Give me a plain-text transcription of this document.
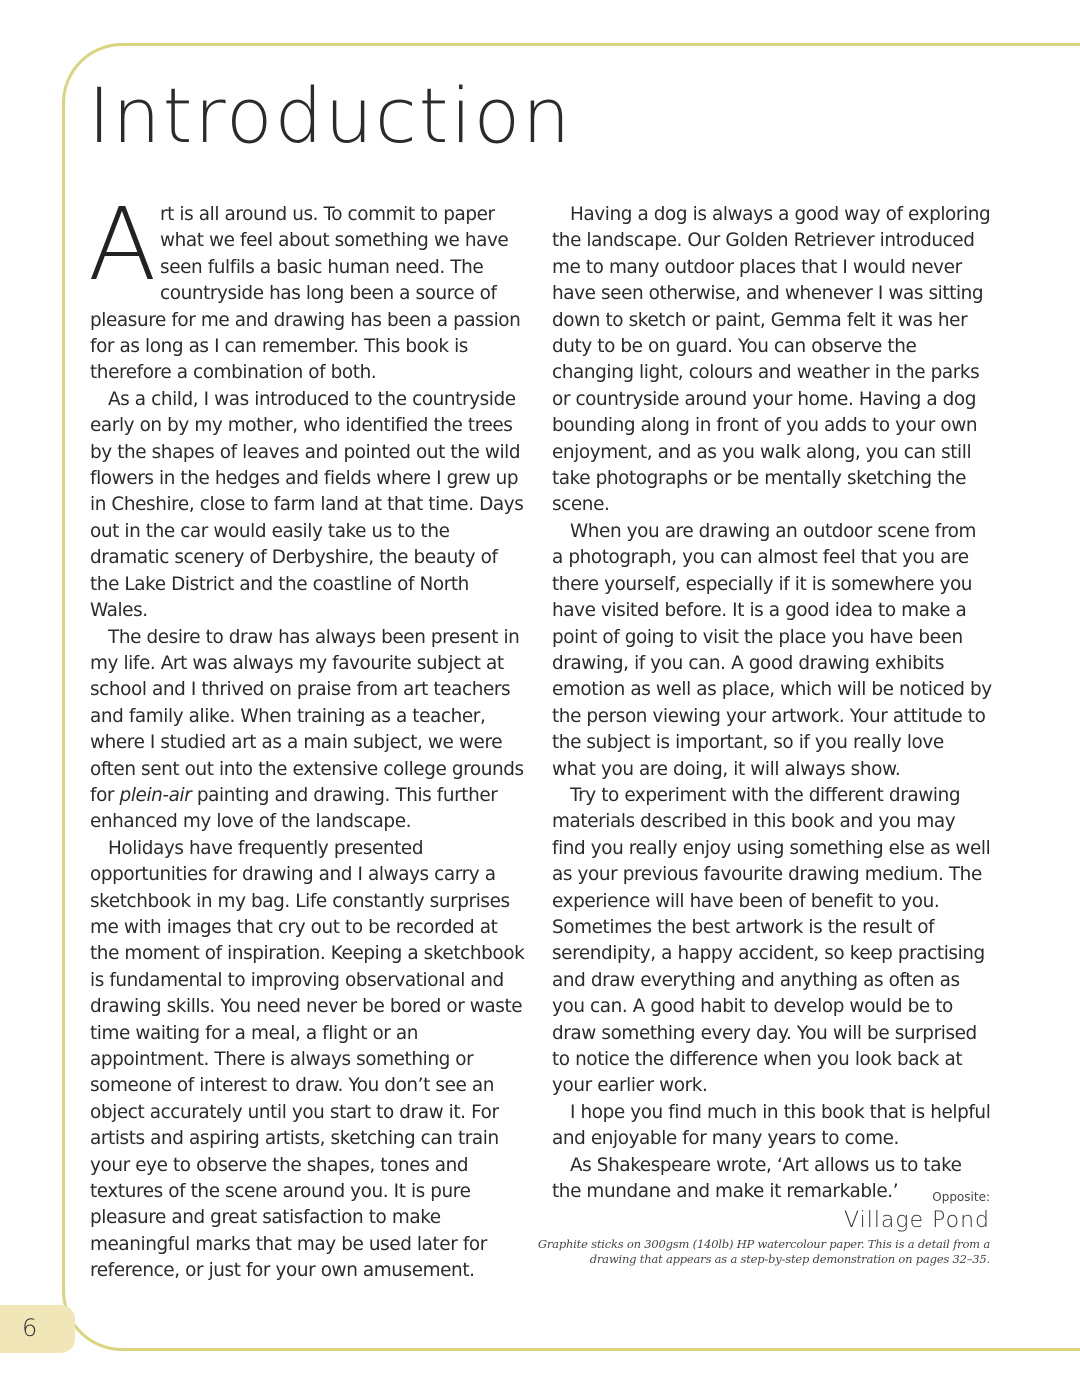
Introduction

Art is all around us. To commit to paper what we feel about something we have seen fulfils a basic human need. The countryside has long been a source of pleasure for me and drawing has been a passion for as long as I can remember. This book is therefore a combination of both.

As a child, I was introduced to the countryside early on by my mother, who identified the trees by the shapes of leaves and pointed out the wild flowers in the hedges and fields where I grew up in Cheshire, close to farm land at that time. Days out in the car would easily take us to the dramatic scenery of Derbyshire, the beauty of the Lake District and the coastline of North Wales.

The desire to draw has always been present in my life. Art was always my favourite subject at school and I thrived on praise from art teachers and family alike. When training as a teacher, where I studied art as a main subject, we were often sent out into the extensive college grounds for plein-air painting and drawing. This further enhanced my love of the landscape.

Holidays have frequently presented opportunities for drawing and I always carry a sketchbook in my bag. Life constantly surprises me with images that cry out to be recorded at the moment of inspiration. Keeping a sketchbook is fundamental to improving observational and drawing skills. You need never be bored or waste time waiting for a meal, a flight or an appointment. There is always something or someone of interest to draw. You don’t see an object accurately until you start to draw it. For artists and aspiring artists, sketching can train your eye to observe the shapes, tones and textures of the scene around you. It is pure pleasure and great satisfaction to make meaningful marks that may be used later for reference, or just for your own amusement.

Having a dog is always a good way of exploring the landscape. Our Golden Retriever introduced me to many outdoor places that I would never have seen otherwise, and whenever I was sitting down to sketch or paint, Gemma felt it was her duty to be on guard. You can observe the changing light, colours and weather in the parks or countryside around your home. Having a dog bounding along in front of you adds to your own enjoyment, and as you walk along, you can still take photographs or be mentally sketching the scene.

When you are drawing an outdoor scene from a photograph, you can almost feel that you are there yourself, especially if it is somewhere you have visited before. It is a good idea to make a point of going to visit the place you have been drawing, if you can. A good drawing exhibits emotion as well as place, which will be noticed by the person viewing your artwork. Your attitude to the subject is important, so if you really love what you are doing, it will always show.

Try to experiment with the different drawing materials described in this book and you may find you really enjoy using something else as well as your previous favourite drawing medium. The experience will have been of benefit to you. Sometimes the best artwork is the result of serendipity, a happy accident, so keep practising and draw everything and anything as often as you can. A good habit to develop would be to draw something every day. You will be surprised to notice the difference when you look back at your earlier work.

I hope you find much in this book that is helpful and enjoyable for many years to come.

As Shakespeare wrote, ‘Art allows us to take the mundane and make it remarkable.’	Opposite:
Village Pond
Graphite sticks on 300gsm (140lb) HP watercolour paper. This is a detail from a drawing that appears as a step-by-step demonstration on pages 32–35.
6
